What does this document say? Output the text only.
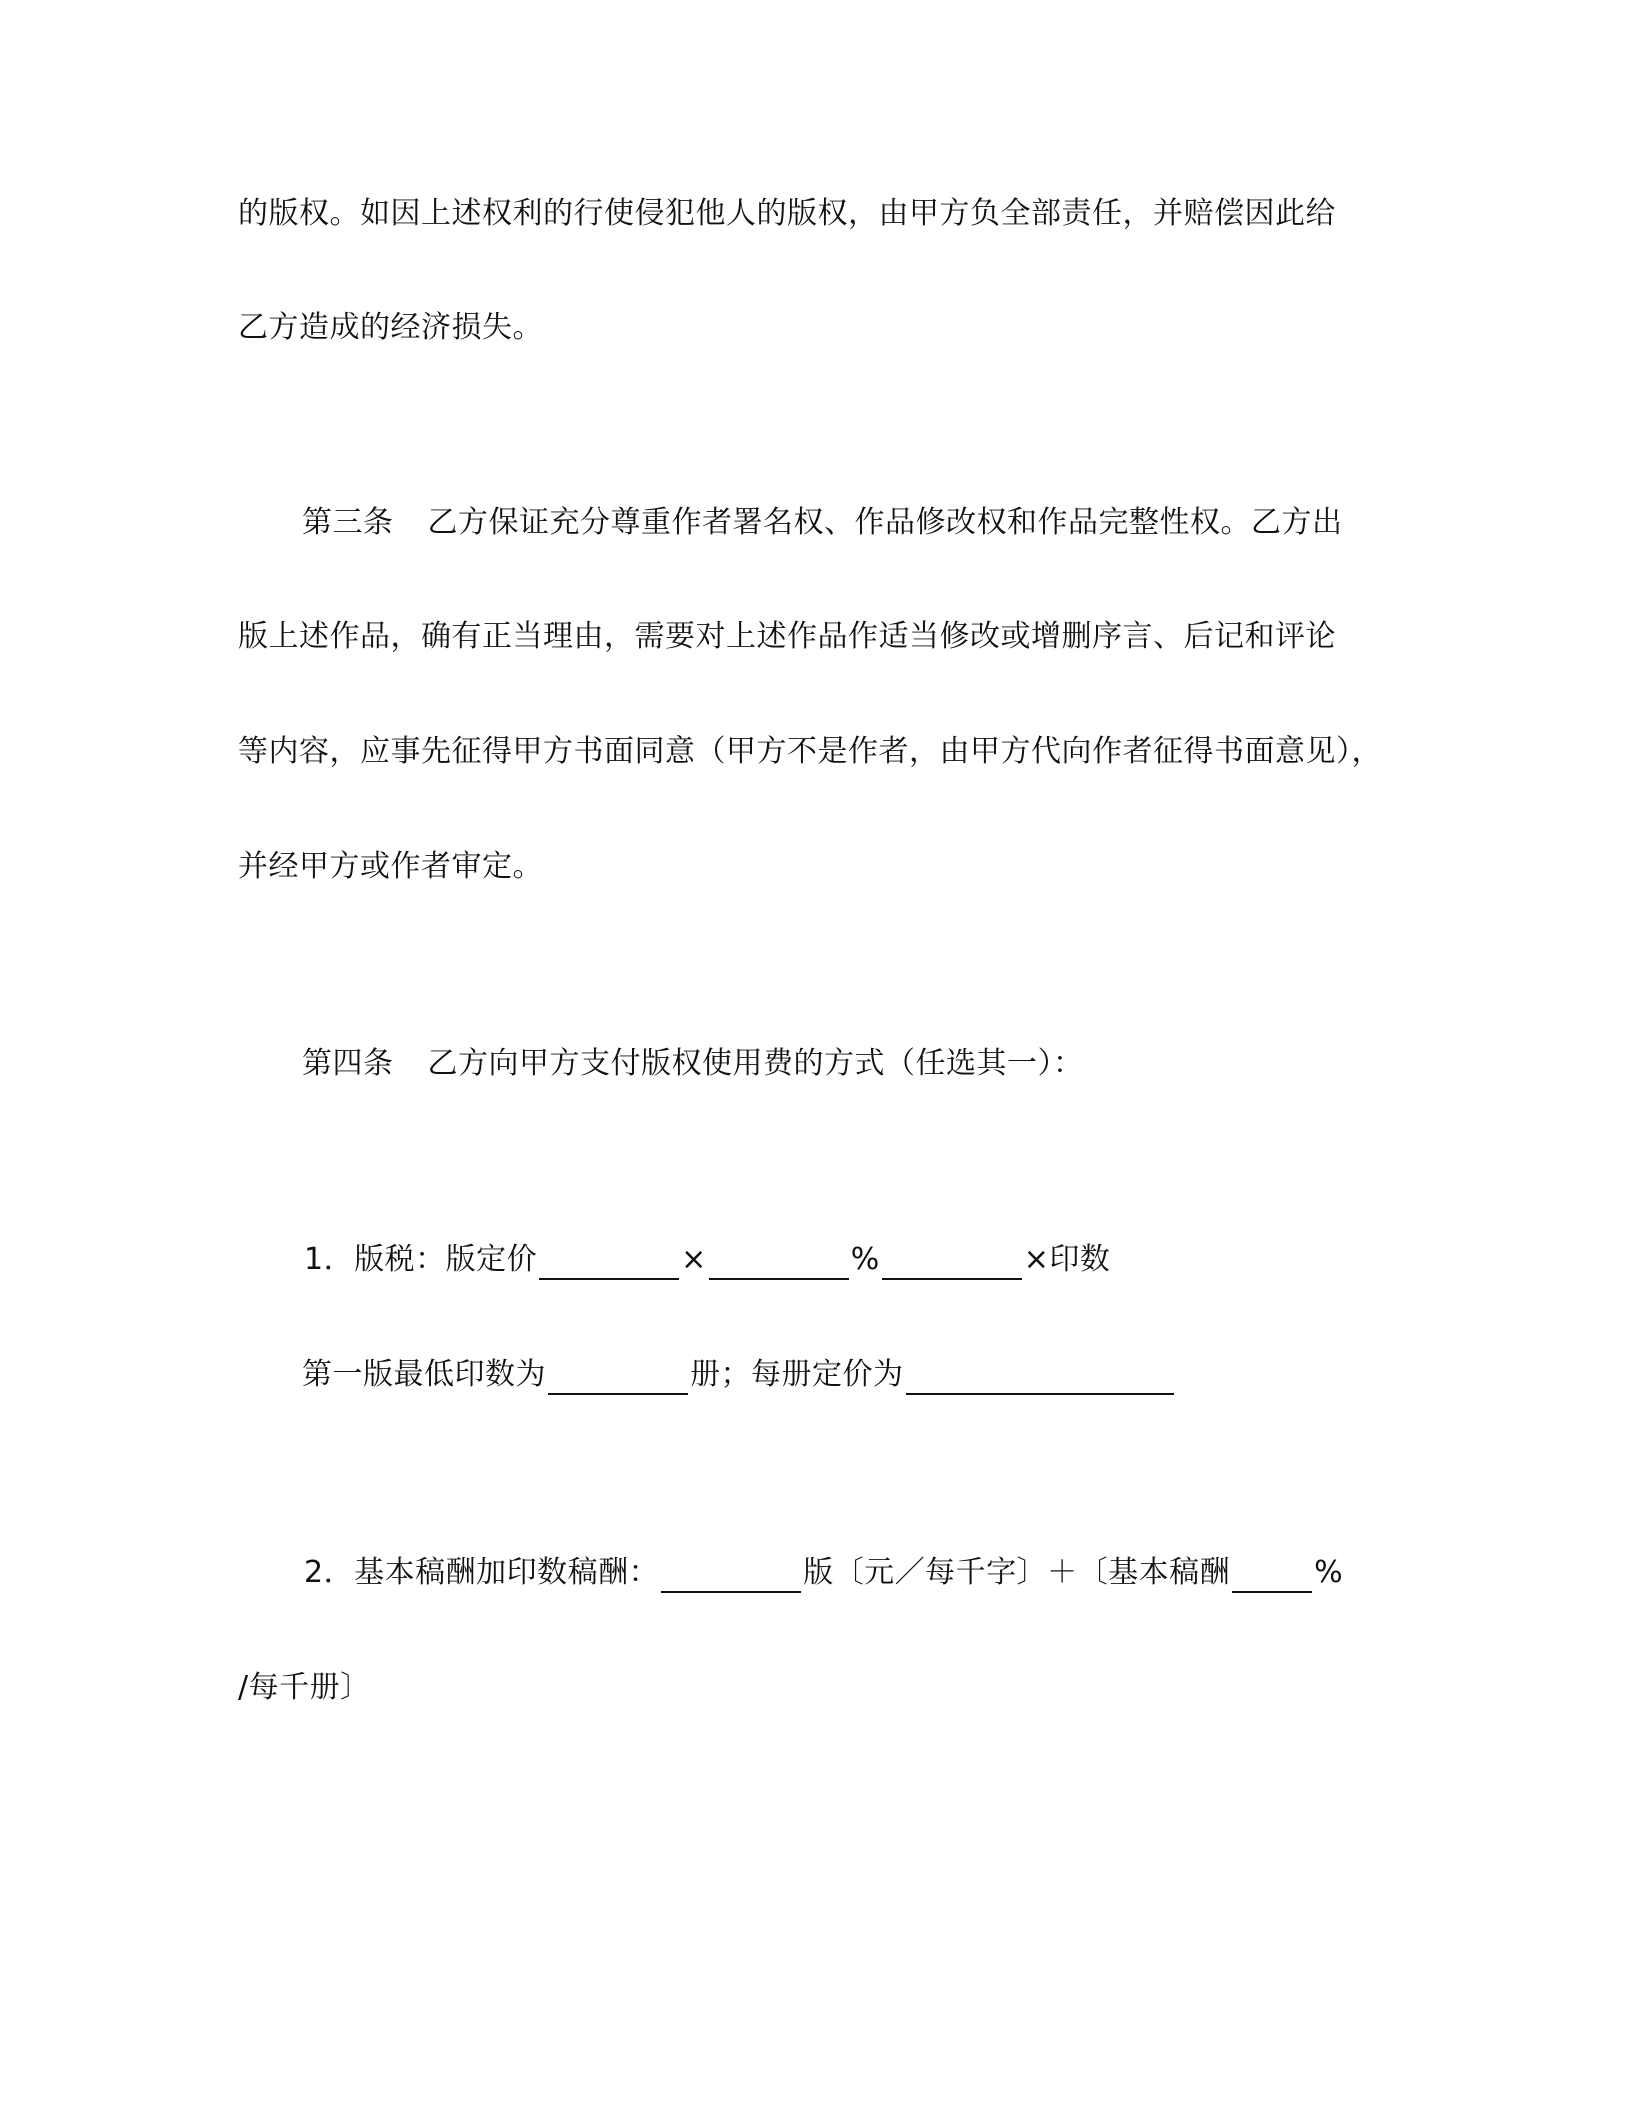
的版权。如因上述权利的行使侵犯他人的版权，由甲方负全部责任，并赔偿因此给
乙方造成的经济损失。
第三条 乙方保证充分尊重作者署名权、作品修改权和作品完整性权。乙方出
版上述作品，确有正当理由，需要对上述作品作适当修改或增删序言、后记和评论
等内容，应事先征得甲方书面同意（甲方不是作者，由甲方代向作者征得书面意见），
并经甲方或作者审定。
第四条 乙方向甲方支付版权使用费的方式（任选其一）：
1．版税：版定价	×	%	×印数
第一版最低印数为	册；每册定价为
2．基本稿酬加印数稿酬：	版〔元／每千字〕＋〔基本稿酬	%
/每千册〕
